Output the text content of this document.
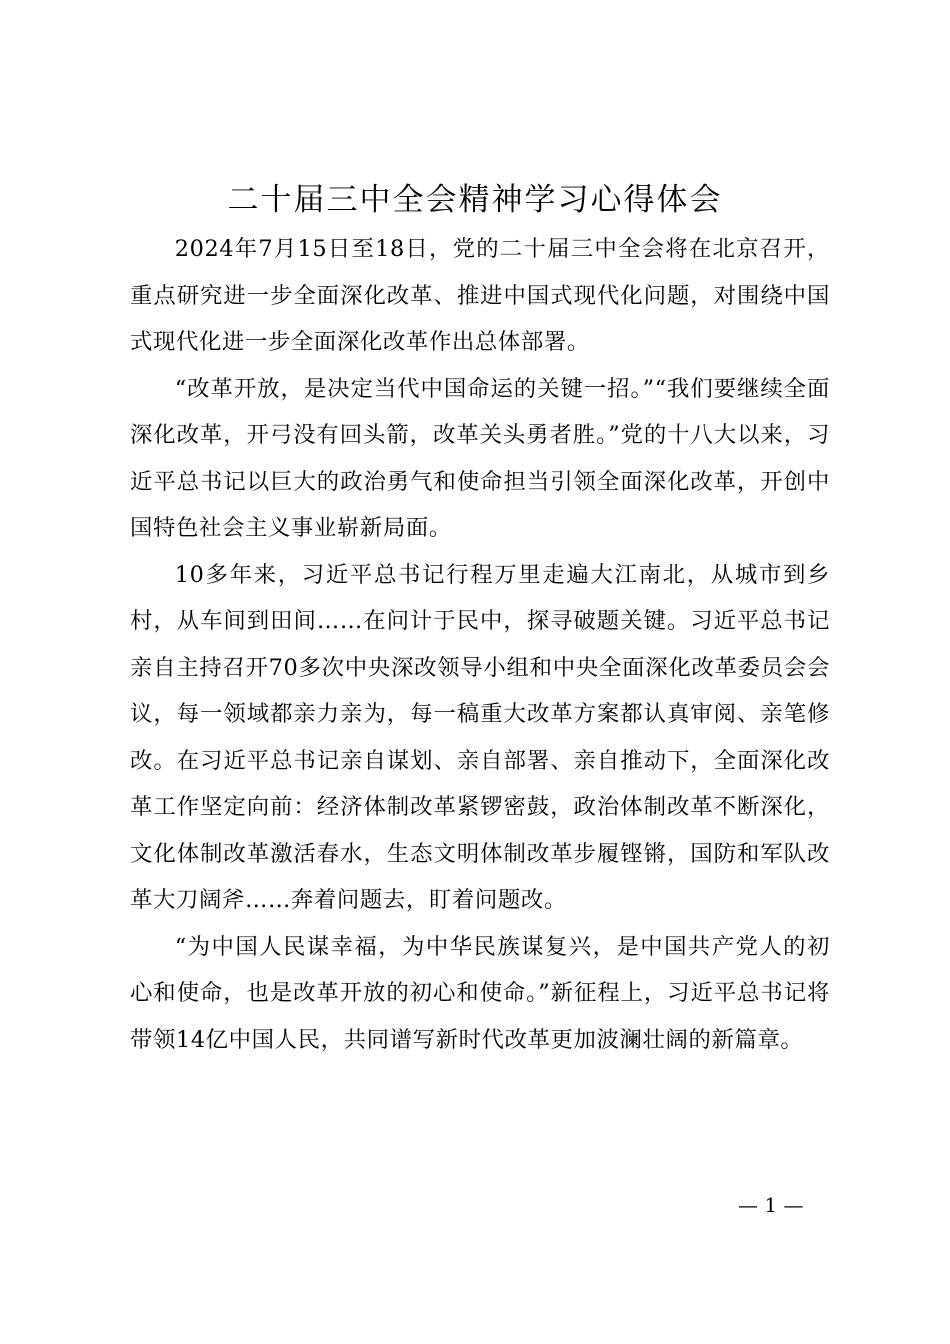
二十届三中全会精神学习心得体会

2024年7月15日至18日，党的二十届三中全会将在北京召开，重点研究进一步全面深化改革、推进中国式现代化问题，对围绕中国式现代化进一步全面深化改革作出总体部署。

“改革开放，是决定当代中国命运的关键一招。”“我们要继续全面深化改革，开弓没有回头箭，改革关头勇者胜。”党的十八大以来，习近平总书记以巨大的政治勇气和使命担当引领全面深化改革，开创中国特色社会主义事业崭新局面。

10多年来，习近平总书记行程万里走遍大江南北，从城市到乡村，从车间到田间……在问计于民中，探寻破题关键。习近平总书记亲自主持召开70多次中央深改领导小组和中央全面深化改革委员会会议，每一领域都亲力亲为，每一稿重大改革方案都认真审阅、亲笔修改。在习近平总书记亲自谋划、亲自部署、亲自推动下，全面深化改革工作坚定向前：经济体制改革紧锣密鼓，政治体制改革不断深化，文化体制改革激活春水，生态文明体制改革步履铿锵，国防和军队改革大刀阔斧……奔着问题去，盯着问题改。

“为中国人民谋幸福，为中华民族谋复兴，是中国共产党人的初心和使命，也是改革开放的初心和使命。”新征程上，习近平总书记将带领14亿中国人民，共同谱写新时代改革更加波澜壮阔的新篇章。

— 1 —
